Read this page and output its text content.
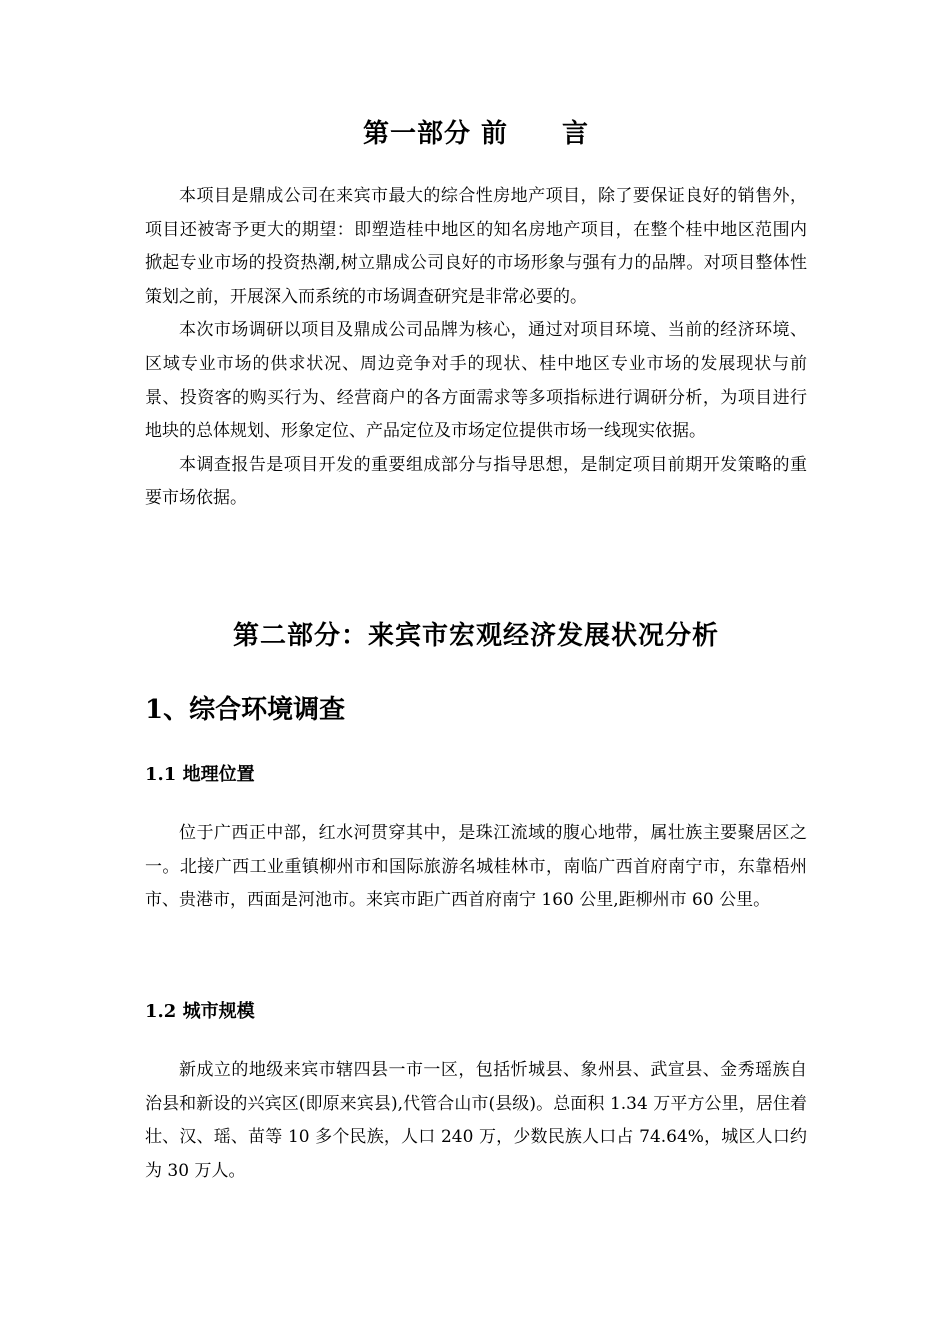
第一部分 前　　言

本项目是鼎成公司在来宾市最大的综合性房地产项目，除了要保证良好的销售外，项目还被寄予更大的期望：即塑造桂中地区的知名房地产项目，在整个桂中地区范围内掀起专业市场的投资热潮,树立鼎成公司良好的市场形象与强有力的品牌。对项目整体性策划之前，开展深入而系统的市场调查研究是非常必要的。

本次市场调研以项目及鼎成公司品牌为核心，通过对项目环境、当前的经济环境、区域专业市场的供求状况、周边竞争对手的现状、桂中地区专业市场的发展现状与前景、投资客的购买行为、经营商户的各方面需求等多项指标进行调研分析，为项目进行地块的总体规划、形象定位、产品定位及市场定位提供市场一线现实依据。

本调查报告是项目开发的重要组成部分与指导思想，是制定项目前期开发策略的重要市场依据。

第二部分：来宾市宏观经济发展状况分析
1、综合环境调查
1.1 地理位置

位于广西正中部，红水河贯穿其中，是珠江流域的腹心地带，属壮族主要聚居区之一。北接广西工业重镇柳州市和国际旅游名城桂林市，南临广西首府南宁市，东靠梧州市、贵港市，西面是河池市。来宾市距广西首府南宁 160 公里,距柳州市 60 公里。

1.2 城市规模

新成立的地级来宾市辖四县一市一区，包括忻城县、象州县、武宣县、金秀瑶族自治县和新设的兴宾区(即原来宾县),代管合山市(县级)。总面积 1.34 万平方公里，居住着壮、汉、瑶、苗等 10 多个民族，人口 240 万，少数民族人口占 74.64%，城区人口约为 30 万人。
